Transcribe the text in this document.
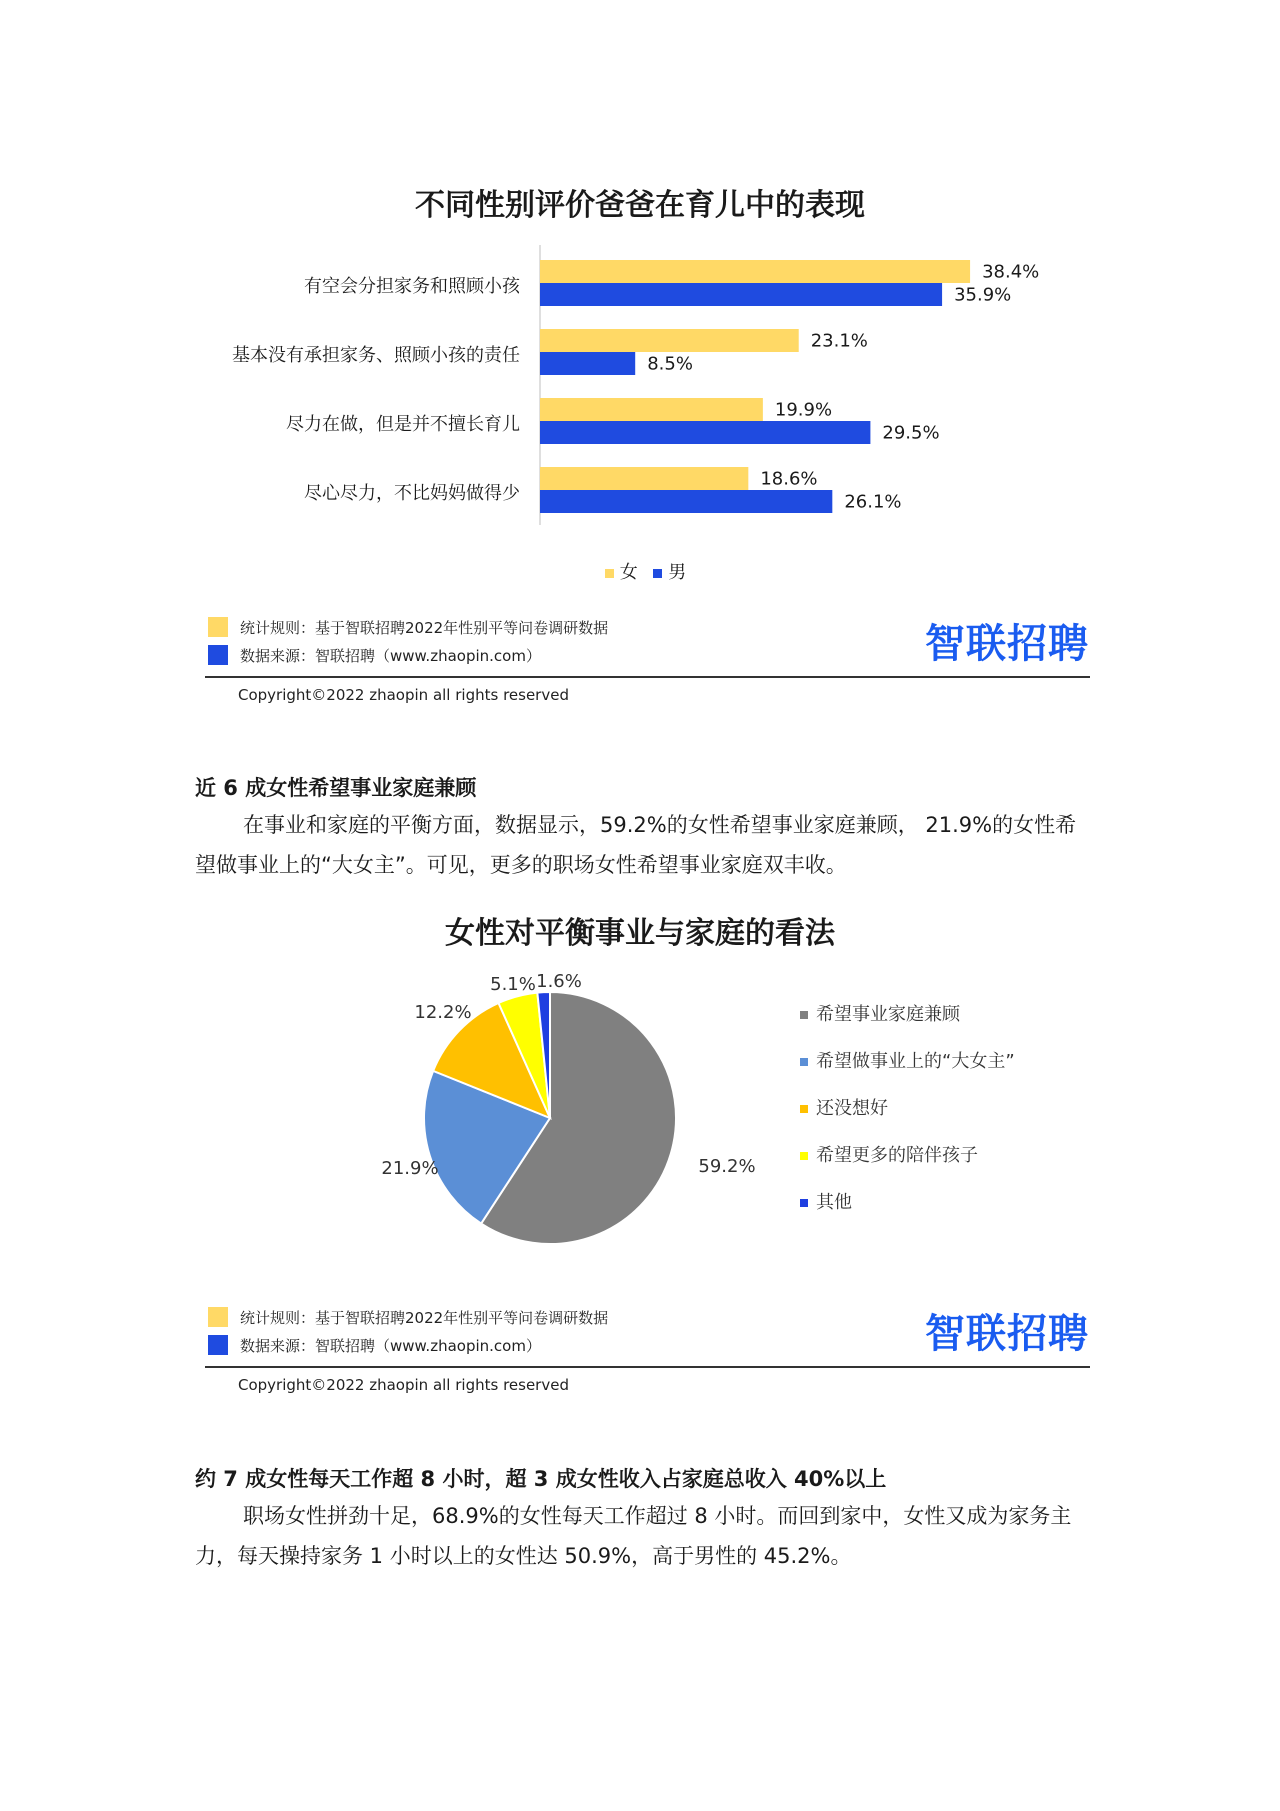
不同性别评价爸爸在育儿中的表现
有空会分担家务和照顾小孩
基本没有承担家务、照顾小孩的责任
尽力在做，但是并不擅长育儿
尽心尽力，不比妈妈做得少
38.4%
35.9%
23.1%
8.5%
19.9%
29.5%
18.6%
26.1%
女 男
统计规则：基于智联招聘2022年性别平等问卷调研数据
数据来源：智联招聘（www.zhaopin.com）	智联招聘
Copyright©2022 zhaopin all rights reserved
近 6 成女性希望事业家庭兼顾
在事业和家庭的平衡方面，数据显示，59.2%的女性希望事业家庭兼顾， 21.9%的女性希望做事业上的“大女主”。可见，更多的职场女性希望事业家庭双丰收。
女性对平衡事业与家庭的看法
59.2%
21.9%
12.2%
5.1% 1.6%
希望事业家庭兼顾
希望做事业上的“大女主”
还没想好
希望更多的陪伴孩子
其他
统计规则：基于智联招聘2022年性别平等问卷调研数据
数据来源：智联招聘（www.zhaopin.com）	智联招聘
Copyright©2022 zhaopin all rights reserved
约 7 成女性每天工作超 8 小时，超 3 成女性收入占家庭总收入 40%以上
职场女性拼劲十足，68.9%的女性每天工作超过 8 小时。而回到家中，女性又成为家务主力，每天操持家务 1 小时以上的女性达 50.9%，高于男性的 45.2%。
